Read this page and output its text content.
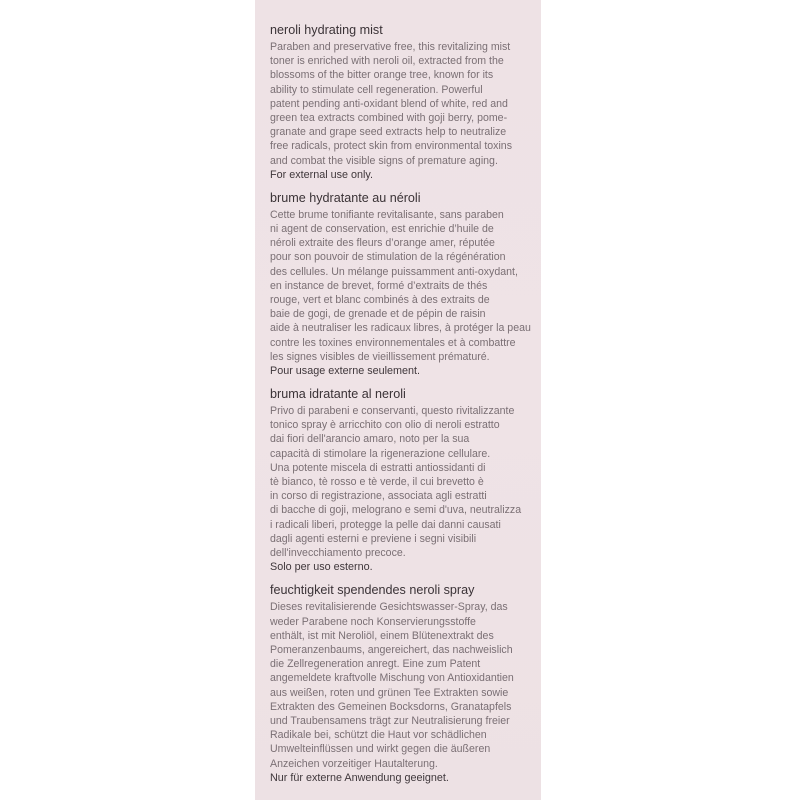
neroli hydrating mist

Paraben and preservative free, this revitalizing mist
toner is enriched with neroli oil, extracted from the
blossoms of the bitter orange tree, known for its
ability to stimulate cell regeneration. Powerful
patent pending anti-oxidant blend of white, red and
green tea extracts combined with goji berry, pome-
granate and grape seed extracts help to neutralize
free radicals, protect skin from environmental toxins
and combat the visible signs of premature aging.

For external use only.

brume hydratante au néroli

Cette brume tonifiante revitalisante, sans paraben
ni agent de conservation, est enrichie d’huile de
néroli extraite des fleurs d’orange amer, réputée
pour son pouvoir de stimulation de la régénération
des cellules. Un mélange puissamment anti-oxydant,
en instance de brevet, formé d’extraits de thés
rouge, vert et blanc combinés à des extraits de
baie de gogi, de grenade et de pépin de raisin
aide à neutraliser les radicaux libres, à protéger la peau
contre les toxines environnementales et à combattre
les signes visibles de vieillissement prématuré.

Pour usage externe seulement.

bruma idratante al neroli

Privo di parabeni e conservanti, questo rivitalizzante
tonico spray è arricchito con olio di neroli estratto
dai fiori dell'arancio amaro, noto per la sua
capacità di stimolare la rigenerazione cellulare.
Una potente miscela di estratti antiossidanti di
tè bianco, tè rosso e tè verde, il cui brevetto è
in corso di registrazione, associata agli estratti
di bacche di goji, melograno e semi d'uva, neutralizza
i radicali liberi, protegge la pelle dai danni causati
dagli agenti esterni e previene i segni visibili
dell'invecchiamento precoce.

Solo per uso esterno.

feuchtigkeit spendendes neroli spray

Dieses revitalisierende Gesichtswasser-Spray, das
weder Parabene noch Konservierungsstoffe
enthält, ist mit Neroliöl, einem Blütenextrakt des
Pomeranzenbaums, angereichert, das nachweislich
die Zellregeneration anregt. Eine zum Patent
angemeldete kraftvolle Mischung von Antioxidantien
aus weißen, roten und grünen Tee Extrakten sowie
Extrakten des Gemeinen Bocksdorns, Granatapfels
und Traubensamens trägt zur Neutralisierung freier
Radikale bei, schützt die Haut vor schädlichen
Umwelteinflüssen und wirkt gegen die äußeren
Anzeichen vorzeitiger Hautalterung.

Nur für externe Anwendung geeignet.
